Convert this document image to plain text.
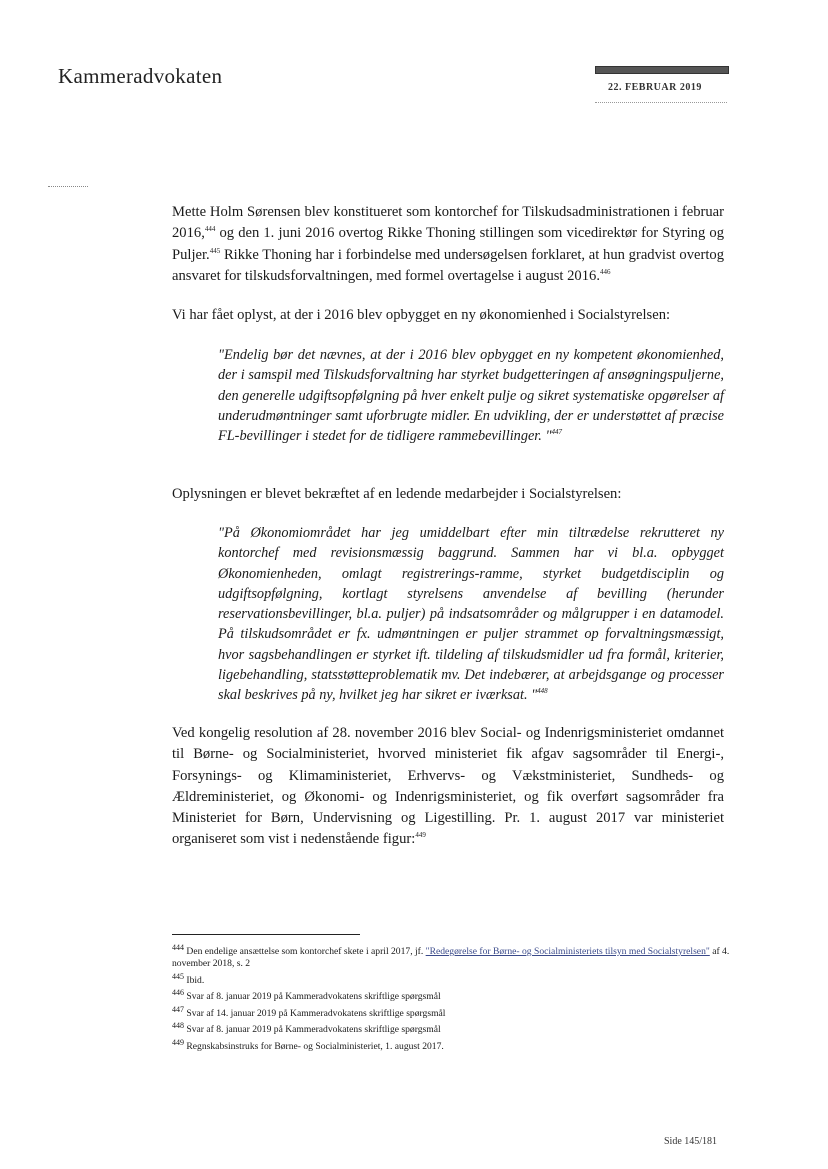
Kammeradvokaten	22. FEBRUAR 2019
Mette Holm Sørensen blev konstitueret som kontorchef for Tilskudsadministrationen i februar 2016,$^{444}$ og den 1. juni 2016 overtog Rikke Thoning stillingen som vicedirektør for Styring og Puljer.$^{445}$ Rikke Thoning har i forbindelse med undersøgelsen forklaret, at hun gradvist overtog ansvaret for tilskudsforvaltningen, med formel overtagelse i august 2016.$^{446}$
Vi har fået oplyst, at der i 2016 blev opbygget en ny økonomienhed i Socialstyrelsen:
"Endelig bør det nævnes, at der i 2016 blev opbygget en ny kompetent økonomienhed, der i samspil med Tilskudsforvaltning har styrket budgetteringen af ansøgningspuljerne, den generelle udgiftsopfølgning på hver enkelt pulje og sikret systematiske opgørelser af underudmøntninger samt uforbrugte midler. En udvikling, der er understøttet af præcise FL-bevillinger i stedet for de tidligere rammebevillinger. "$^{447}$
Oplysningen er blevet bekræftet af en ledende medarbejder i Socialstyrelsen:
"På Økonomiområdet har jeg umiddelbart efter min tiltrædelse rekrutteret ny kontorchef med revisionsmæssig baggrund. Sammen har vi bl.a. opbygget Økonomienheden, omlagt registrerings-ramme, styrket budgetdisciplin og udgiftsopfølgning, kortlagt styrelsens anvendelse af bevilling (herunder reservationsbevillinger, bl.a. puljer) på indsatsområder og målgrupper i en datamodel. På tilskudsområdet er fx. udmøntningen er puljer strammet op forvaltningsmæssigt, hvor sagsbehandlingen er styrket ift. tildeling af tilskudsmidler ud fra formål, kriterier, ligebehandling, statsstøtteproblematik mv. Det indebærer, at arbejdsgange og processer skal beskrives på ny, hvilket jeg har sikret er iværksat. "$^{448}$
Ved kongelig resolution af 28. november 2016 blev Social- og Indenrigsministeriet omdannet til Børne- og Socialministeriet, hvorved ministeriet fik afgav sagsområder til Energi-, Forsynings- og Klimaministeriet, Erhvervs- og Vækstministeriet, Sundheds- og Ældreministeriet, og Økonomi- og Indenrigsministeriet, og fik overført sagsområder fra Ministeriet for Børn, Undervisning og Ligestilling. Pr. 1. august 2017 var ministeriet organiseret som vist i nedenstående figur:$^{449}$
$^{444}$ Den endelige ansættelse som kontorchef skete i april 2017, jf. "Redegørelse for Børne- og Socialministeriets tilsyn med Socialstyrelsen" af 4. november 2018, s. 2
$^{445}$ Ibid.
$^{446}$ Svar af 8. januar 2019 på Kammeradvokatens skriftlige spørgsmål
$^{447}$ Svar af 14. januar 2019 på Kammeradvokatens skriftlige spørgsmål
$^{448}$ Svar af 8. januar 2019 på Kammeradvokatens skriftlige spørgsmål
$^{449}$ Regnskabsinstruks for Børne- og Socialministeriet, 1. august 2017.
Side 145/181
